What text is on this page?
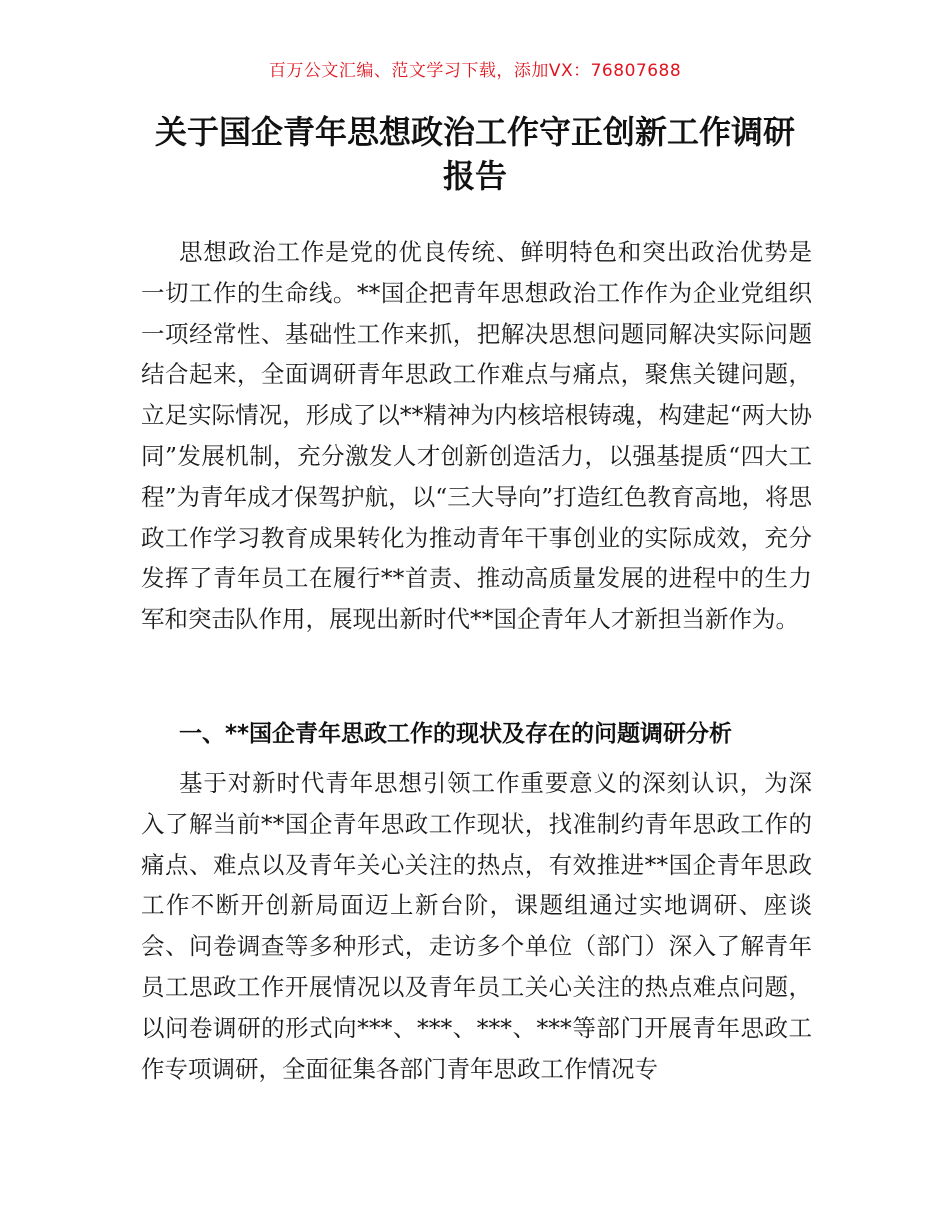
百万公文汇编、范文学习下载，添加VX：76807688
关于国企青年思想政治工作守正创新工作调研报告

思想政治工作是党的优良传统、鲜明特色和突出政治优势是一切工作的生命线。**国企把青年思想政治工作作为企业党组织一项经常性、基础性工作来抓，把解决思想问题同解决实际问题结合起来，全面调研青年思政工作难点与痛点，聚焦关键问题，立足实际情况，形成了以**精神为内核培根铸魂，构建起“两大协同”发展机制，充分激发人才创新创造活力，以强基提质“四大工程”为青年成才保驾护航，以“三大导向”打造红色教育高地，将思政工作学习教育成果转化为推动青年干事创业的实际成效，充分发挥了青年员工在履行**首责、推动高质量发展的进程中的生力军和突击队作用，展现出新时代**国企青年人才新担当新作为。

一、**国企青年思政工作的现状及存在的问题调研分析

基于对新时代青年思想引领工作重要意义的深刻认识，为深入了解当前**国企青年思政工作现状，找准制约青年思政工作的痛点、难点以及青年关心关注的热点，有效推进**国企青年思政工作不断开创新局面迈上新台阶，课题组通过实地调研、座谈会、问卷调查等多种形式，走访多个单位（部门）深入了解青年员工思政工作开展情况以及青年员工关心关注的热点难点问题，以问卷调研的形式向***、***、***、***等部门开展青年思政工作专项调研，全面征集各部门青年思政工作情况专
